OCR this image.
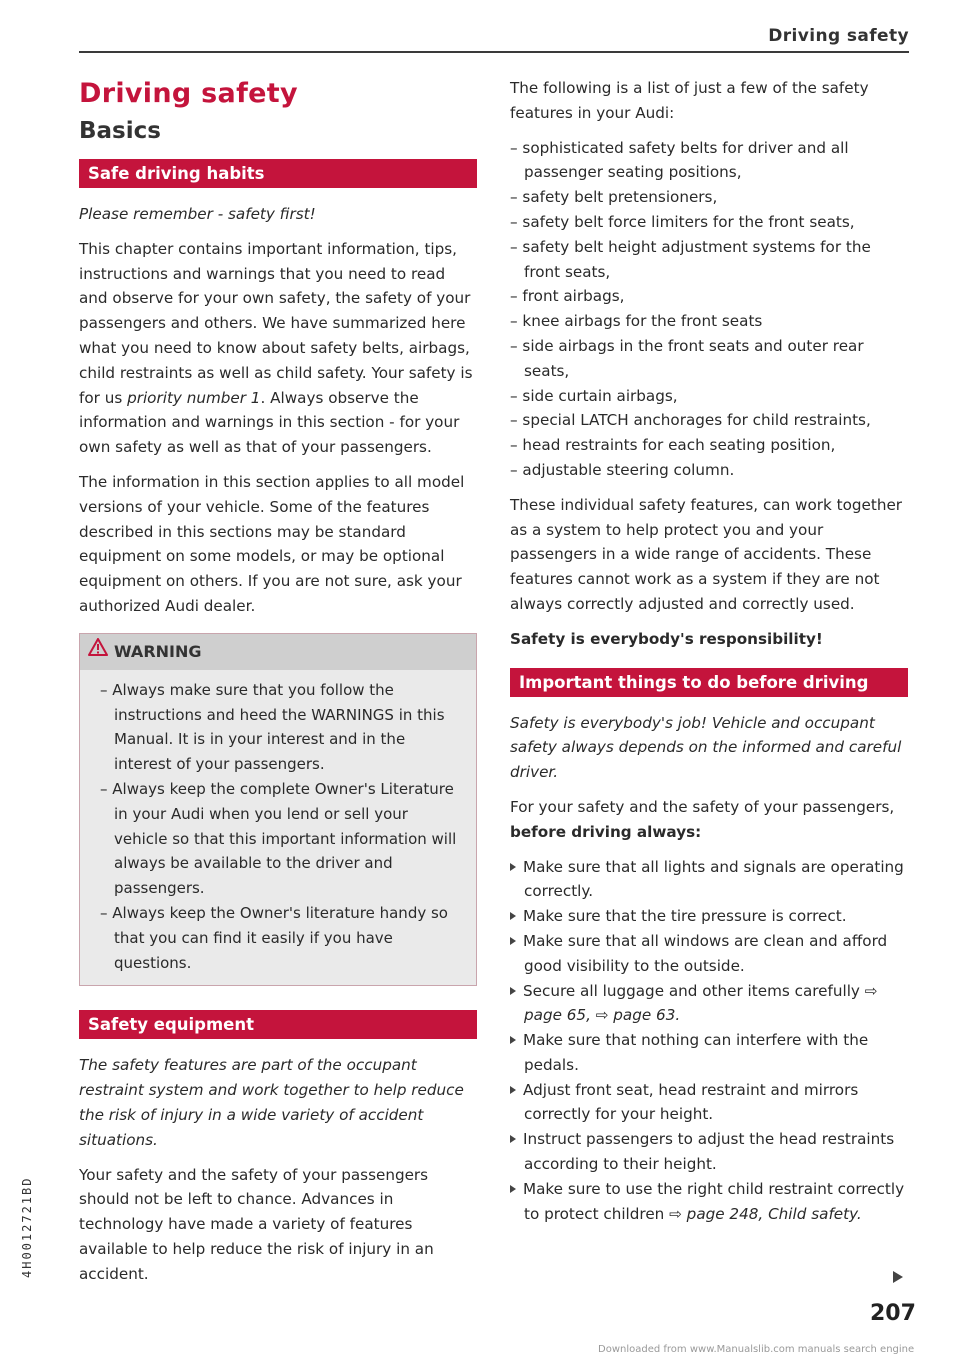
Driving safety
Driving safety
Basics
Safe driving habits

Please remember - safety first!

This chapter contains important information, tips, instructions and warnings that you need to read and observe for your own safety, the safety of your passengers and others. We have summarized here what you need to know about safety belts, airbags, child restraints as well as child safety. Your safety is for us priority number 1. Always observe the information and warnings in this section - for your own safety as well as that of your passengers.

The information in this section applies to all model versions of your vehicle. Some of the features described in this sections may be standard equipment on some models, or may be optional equipment on others. If you are not sure, ask your authorized Audi dealer.

WARNING
– Always make sure that you follow the instructions and heed the WARNINGS in this Manual. It is in your interest and in the interest of your passengers.
– Always keep the complete Owner's Literature in your Audi when you lend or sell your vehicle so that this important information will always be available to the driver and passengers.
– Always keep the Owner's literature handy so that you can find it easily if you have questions.
Safety equipment

The safety features are part of the occupant restraint system and work together to help reduce the risk of injury in a wide variety of accident situations.

Your safety and the safety of your passengers should not be left to chance. Advances in technology have made a variety of features available to help reduce the risk of injury in an accident.

The following is a list of just a few of the safety features in your Audi:

– sophisticated safety belts for driver and all passenger seating positions,
– safety belt pretensioners,
– safety belt force limiters for the front seats,
– safety belt height adjustment systems for the front seats,
– front airbags,
– knee airbags for the front seats
– side airbags in the front seats and outer rear seats,
– side curtain airbags,
– special LATCH anchorages for child restraints,
– head restraints for each seating position,
– adjustable steering column.

These individual safety features, can work together as a system to help protect you and your passengers in a wide range of accidents. These features cannot work as a system if they are not always correctly adjusted and correctly used.

Safety is everybody's responsibility!

Important things to do before driving

Safety is everybody's job! Vehicle and occupant safety always depends on the informed and careful driver.

For your safety and the safety of your passengers, before driving always:

Make sure that all lights and signals are operating correctly.
Make sure that the tire pressure is correct.
Make sure that all windows are clean and afford good visibility to the outside.
Secure all luggage and other items carefully ⇨ page 65, ⇨ page 63.
Make sure that nothing can interfere with the pedals.
Adjust front seat, head restraint and mirrors correctly for your height.
Instruct passengers to adjust the head restraints according to their height.
Make sure to use the right child restraint correctly to protect children ⇨ page 248, Child safety.
207
4H0012721BD
Downloaded from www.Manualslib.com manuals search engine
